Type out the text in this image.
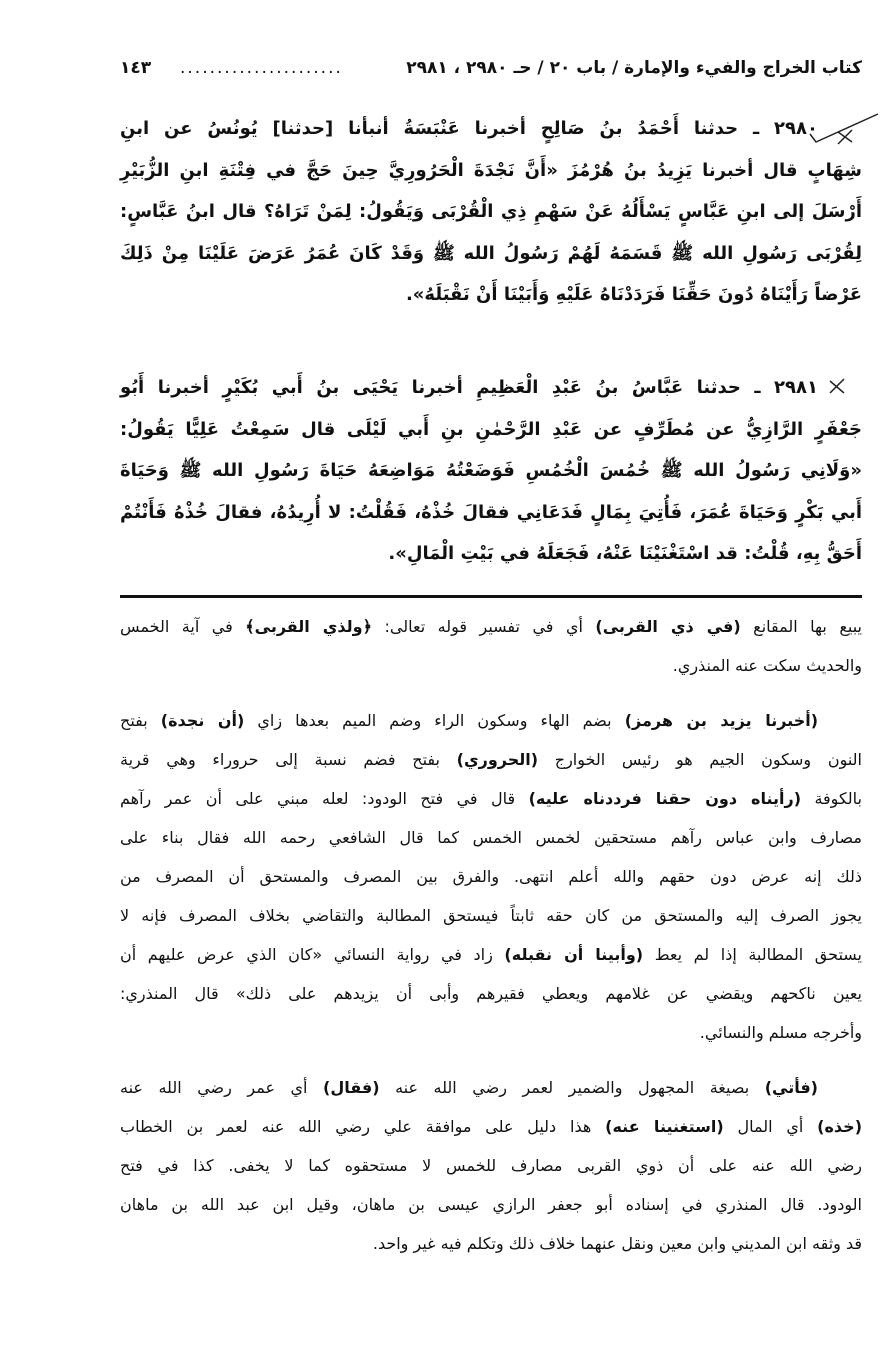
كتاب الخراج والفيء والإمارة / باب ٢٠ / حـ ٢٩٨٠ ، ٢٩٨١
......................
١٤٣
٢٩٨٠ ـ حدثنا أَحْمَدُ بنُ صَالِحٍ أخبرنا عَنْبَسَةُ أنبأنا [حدثنا] يُونُسُ عن ابنِ
شِهَابٍ قال أخبرنا يَزِيدُ بنُ هُرْمُزَ «أَنَّ نَجْدَةَ الْحَرُورِيَّ حِينَ حَجَّ في فِتْنَةِ ابنِ الزُّبَيْرِ
أَرْسَلَ إلى ابنِ عَبَّاسٍ يَسْأَلُهُ عَنْ سَهْمِ ذِي الْقُرْبَى وَيَقُولُ: لِمَنْ تَرَاهُ؟ قال ابنُ عَبَّاسٍ:
لِقُرْبَى رَسُولِ الله ﷺ قَسَمَهُ لَهُمْ رَسُولُ الله ﷺ وَقَدْ كَانَ عُمَرُ عَرَضَ عَلَيْنَا مِنْ ذَلِكَ
عَرْضاً رَأَيْنَاهُ دُونَ حَقِّنَا فَرَدَدْنَاهُ عَلَيْهِ وَأَبَيْنَا أَنْ نَقْبَلَهُ».
٢٩٨١ ـ حدثنا عَبَّاسُ بنُ عَبْدِ الْعَظِيمِ أخبرنا يَحْيَى بنُ أَبي بُكَيْرٍ أخبرنا أَبُو
جَعْفَرٍ الرَّازِيُّ عن مُطَرِّفٍ عن عَبْدِ الرَّحْمٰنِ بنِ أَبي لَيْلَى قال سَمِعْتُ عَلِيًّا يَقُولُ:
«وَلَانِي رَسُولُ الله ﷺ خُمُسَ الْخُمُسِ فَوَضَعْتُهُ مَوَاضِعَهُ حَيَاةَ رَسُولِ الله ﷺ وَحَيَاةَ
أَبي بَكْرٍ وَحَيَاةَ عُمَرَ، فَأُتِيَ بِمَالٍ فَدَعَانِي فقالَ خُذْهُ، فَقُلْتُ: لا أُرِيدُهُ، فقالَ خُذْهُ فَأَنْتُمْ
أَحَقُّ بِهِ، قُلْتُ: قد اسْتَغْنَيْنَا عَنْهُ، فَجَعَلَهُ في بَيْتِ الْمَالِ».
يبيع بها المقانع (في ذي القربى) أي في تفسير قوله تعالى: ﴿ولذي القربى﴾ في آية الخمس
والحديث سكت عنه المنذري.
(أخبرنا يزيد بن هرمز) بضم الهاء وسكون الراء وضم الميم بعدها زاي (أن نجدة) بفتح
النون وسكون الجيم هو رئيس الخوارج (الحروري) بفتح فضم نسبة إلى حروراء وهي قرية
بالكوفة (رأيناه دون حقنا فرددناه عليه) قال في فتح الودود: لعله مبني على أن عمر رآهم
مصارف وابن عباس رآهم مستحقين لخمس الخمس كما قال الشافعي رحمه الله فقال بناء على
ذلك إنه عرض دون حقهم والله أعلم انتهى. والفرق بين المصرف والمستحق أن المصرف من
يجوز الصرف إليه والمستحق من كان حقه ثابتاً فيستحق المطالبة والتقاضي بخلاف المصرف فإنه لا
يستحق المطالبة إذا لم يعط (وأبينا أن نقبله) زاد في رواية النسائي «كان الذي عرض عليهم أن
يعين ناكحهم ويقضي عن غلامهم ويعطي فقيرهم وأبى أن يزيدهم على ذلك» قال المنذري:
وأخرجه مسلم والنسائي.
(فأتي) بصيغة المجهول والضمير لعمر رضي الله عنه (فقال) أي عمر رضي الله عنه
(خذه) أي المال (استغنينا عنه) هذا دليل على موافقة علي رضي الله عنه لعمر بن الخطاب
رضي الله عنه على أن ذوي القربى مصارف للخمس لا مستحقوه كما لا يخفى. كذا في فتح
الودود. قال المنذري في إسناده أبو جعفر الرازي عيسى بن ماهان، وقيل ابن عبد الله بن ماهان
قد وثقه ابن المديني وابن معين ونقل عنهما خلاف ذلك وتكلم فيه غير واحد.
